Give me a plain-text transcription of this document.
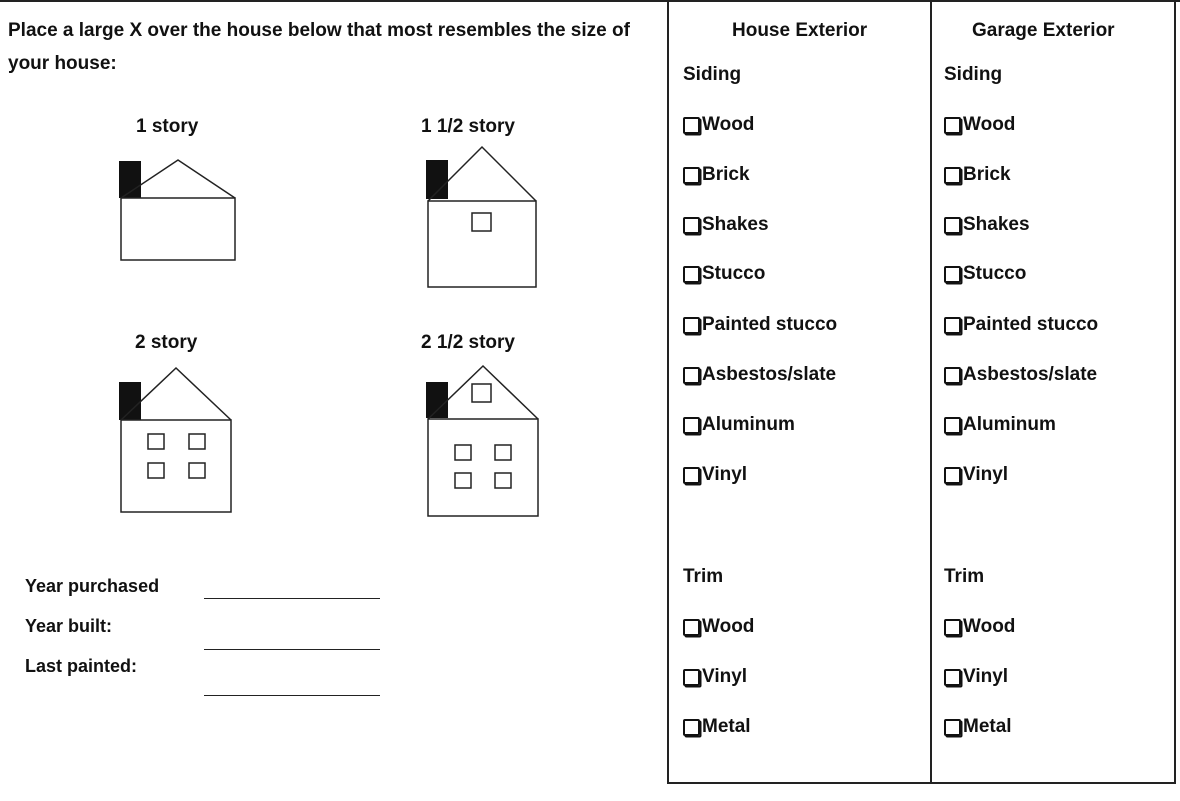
Place a large X over the house below that most resembles the size of your house:
1 story	1 1/2 story
2 story	2 1/2 story
Year purchased
Year built:
Last painted:
House Exterior
Siding
Wood
Brick
Shakes
Stucco
Painted stucco
Asbestos/slate
Aluminum
Vinyl
Trim
Wood
Vinyl
Metal
Garage Exterior
Siding
Wood
Brick
Shakes
Stucco
Painted stucco
Asbestos/slate
Aluminum
Vinyl
Trim
Wood
Vinyl
Metal
